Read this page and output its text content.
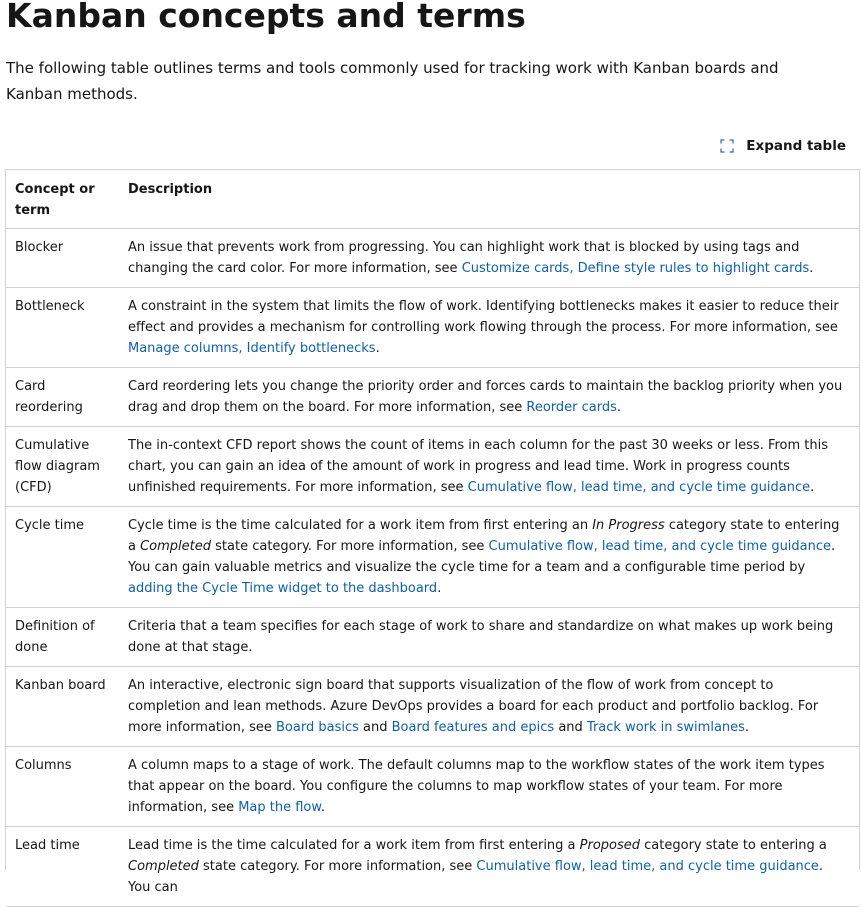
Kanban concepts and terms

The following table outlines terms and tools commonly used for tracking work with Kanban boards and Kanban methods.

Expand table
Concept or term	Description
Blocker	An issue that prevents work from progressing. You can highlight work that is blocked by using tags and changing the card color. For more information, see Customize cards, Define style rules to highlight cards.
Bottleneck	A constraint in the system that limits the flow of work. Identifying bottlenecks makes it easier to reduce their effect and provides a mechanism for controlling work flowing through the process. For more information, see Manage columns, Identify bottlenecks.
Card reordering	Card reordering lets you change the priority order and forces cards to maintain the backlog priority when you drag and drop them on the board. For more information, see Reorder cards.
Cumulative flow diagram (CFD)	The in-context CFD report shows the count of items in each column for the past 30 weeks or less. From this chart, you can gain an idea of the amount of work in progress and lead time. Work in progress counts unfinished requirements. For more information, see Cumulative flow, lead time, and cycle time guidance.
Cycle time	Cycle time is the time calculated for a work item from first entering an In Progress category state to entering a Completed state category. For more information, see Cumulative flow, lead time, and cycle time guidance. You can gain valuable metrics and visualize the cycle time for a team and a configurable time period by adding the Cycle Time widget to the dashboard.
Definition of done	Criteria that a team specifies for each stage of work to share and standardize on what makes up work being done at that stage.
Kanban board	An interactive, electronic sign board that supports visualization of the flow of work from concept to completion and lean methods. Azure DevOps provides a board for each product and portfolio backlog. For more information, see Board basics and Board features and epics and Track work in swimlanes.
Columns	A column maps to a stage of work. The default columns map to the workflow states of the work item types that appear on the board. You configure the columns to map workflow states of your team. For more information, see Map the flow.
Lead time	Lead time is the time calculated for a work item from first entering a Proposed category state to entering a Completed state category. For more information, see Cumulative flow, lead time, and cycle time guidance. You can
